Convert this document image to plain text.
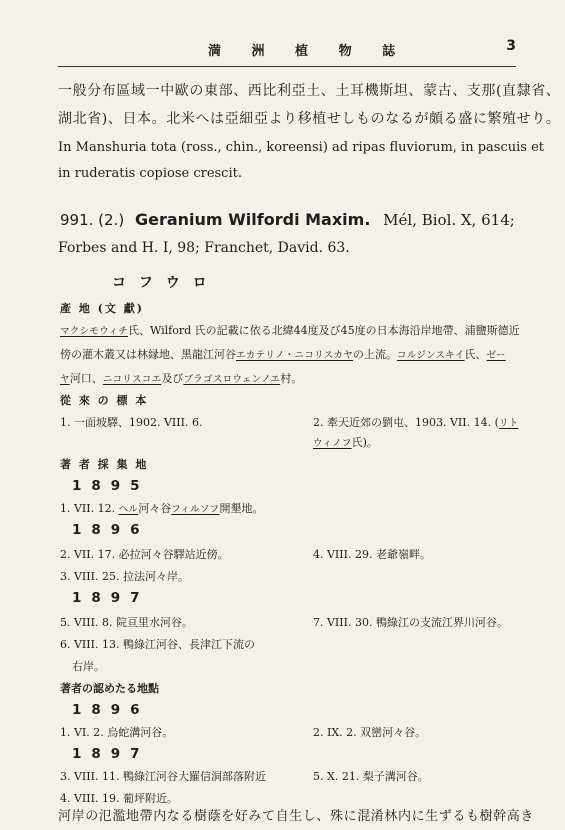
満 洲 植 物 誌	3
一般分布區域一中歐の東部、西比利亞土、土耳機斯坦、蒙古、支那(直隸省、
湖北省)、日本。北米へは亞細亞より移植せしものなるが頗る盛に繁殖せり。
In Manshuria tota (ross., chin., koreensi) ad ripas fluviorum, in pascuis et
in ruderatis copiose crescit.
991. (2.) Geranium Wilfordi Maxim. Mél, Biol. X, 614;
Forbes and H. I, 98; Franchet, David. 63.
コ フ ウ ロ
產 地 (文 獻)
マクシモウィチ氏、Wilford 氏の記載に依る北緯44度及び45度の日本海沿岸地帶、浦鹽斯德近
傍の灌木叢又は林縁地、黑龍江河谷エカテリノ・ニコリスカヤの上流。コルジンスキイ氏、ゼー
ヤ河口、ニコリスコエ及びブラゴスロウェンノエ村。
從 來 の 標 本
1. 一面坡驛、1902. VIII. 6.	2. 牽天近郊の劉屯、1903. VII. 14. (リト
ウィノフ氏)。
著 者 採 集 地
1895
1. VII. 12. ヘル河々谷フィルソフ開墾地。
1896
2. VII. 17. 必拉河々谷驛站近傍。	4. VIII. 29. 老爺嶺畔。
3. VIII. 25. 拉法河々岸。
1897
5. VIII. 8. 院亘里水河谷。	7. VIII. 30. 鴨綠江の支流江界川河谷。
6. VIII. 13. 鴨綠江河谷、長津江下流の
右岸。
著者の認めたる地點
1896
1. VI. 2. 烏蛇溝河谷。	2. IX. 2. 双巒河々谷。
1897
3. VIII. 11. 鴨綠江河谷大羅信洞部落附近	5. X. 21. 梨子溝河谷。
4. VIII. 19. 葡坪附近。
河岸の氾濫地帶内なる樹蔭を好みて自生し、殊に混淆林内に生ずるも樹幹高き
